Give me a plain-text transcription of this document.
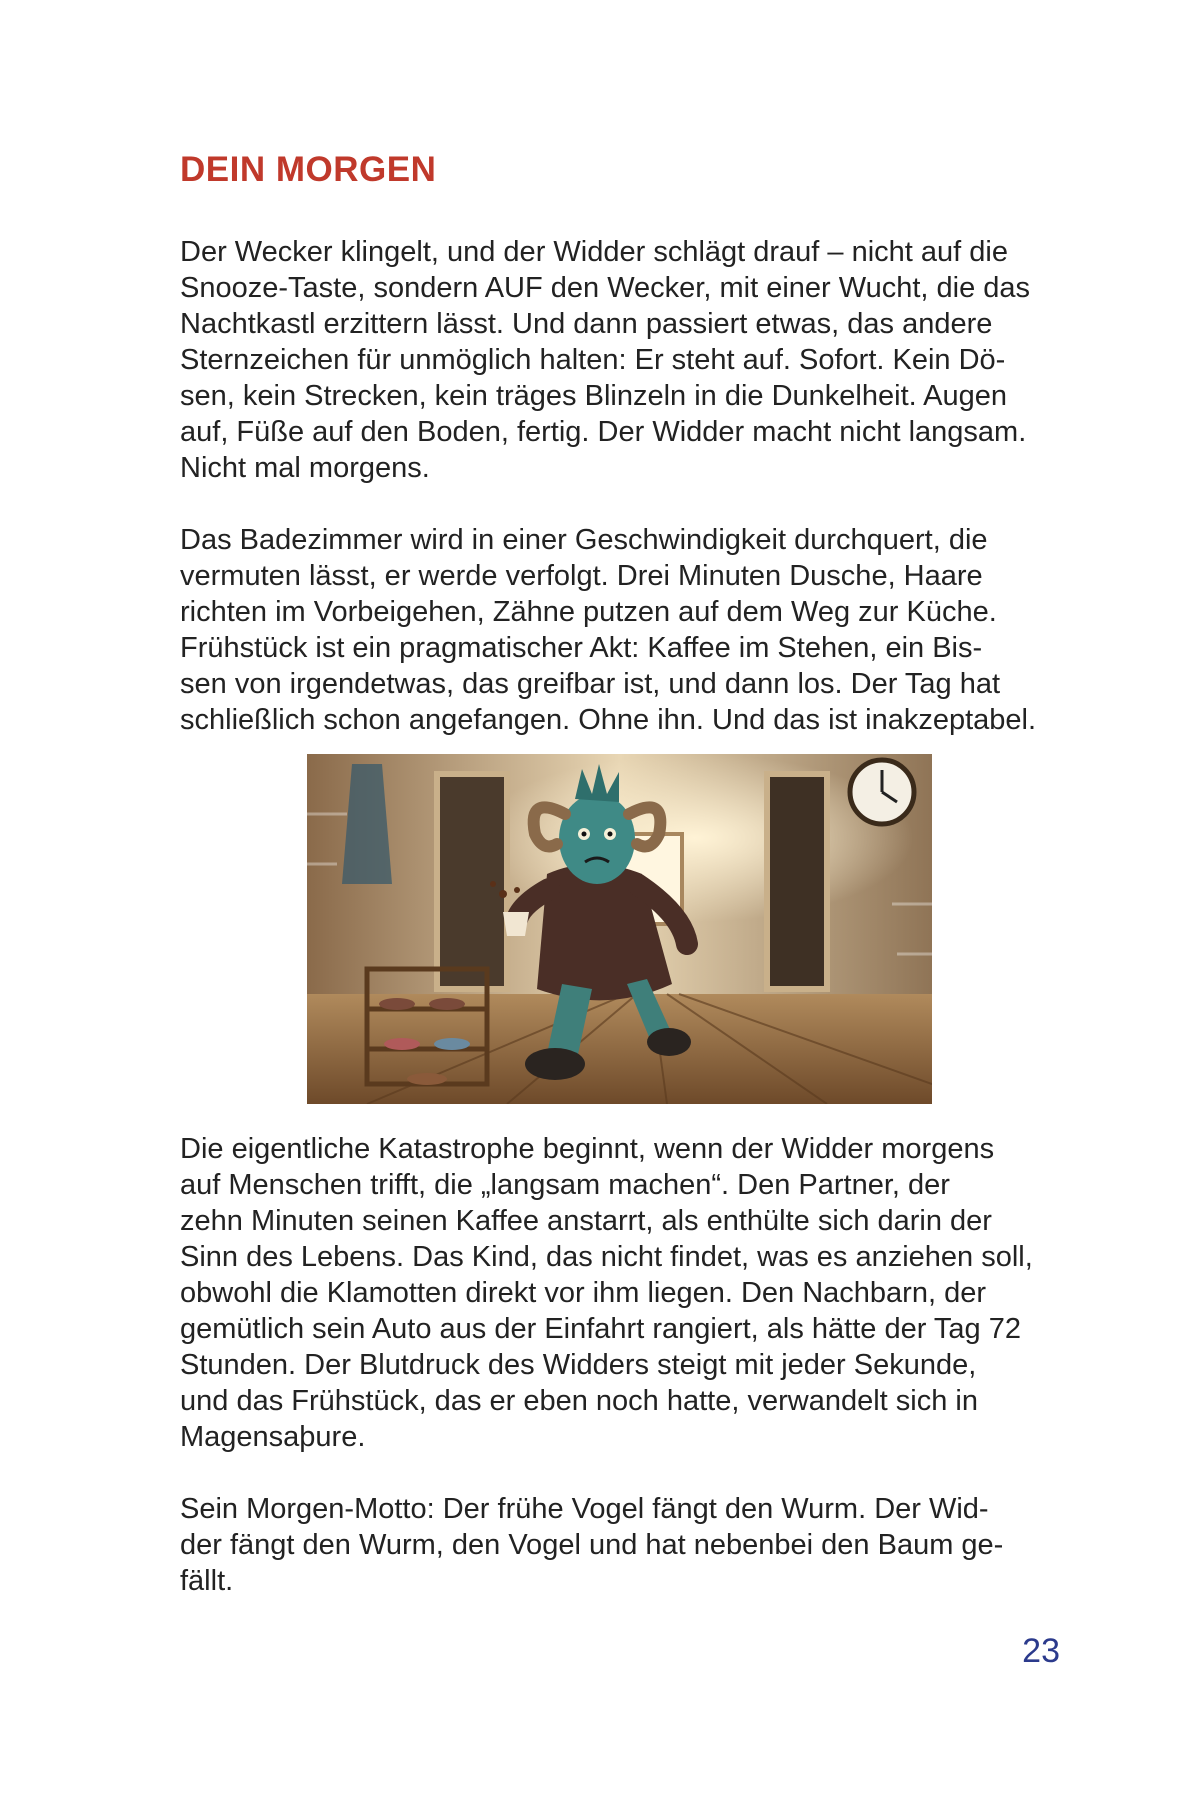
DEIN MORGEN

Der Wecker klingelt, und der Widder schlägt drauf – nicht auf die
Snooze-Taste, sondern AUF den Wecker, mit einer Wucht, die das
Nachtkastl erzittern lässt. Und dann passiert etwas, das andere
Sternzeichen für unmöglich halten: Er steht auf. Sofort. Kein Dö-
sen, kein Strecken, kein träges Blinzeln in die Dunkelheit. Augen
auf, Füße auf den Boden, fertig. Der Widder macht nicht langsam.
Nicht mal morgens.

Das Badezimmer wird in einer Geschwindigkeit durchquert, die
vermuten lässt, er werde verfolgt. Drei Minuten Dusche, Haare
richten im Vorbeigehen, Zähne putzen auf dem Weg zur Küche.
Frühstück ist ein pragmatischer Akt: Kaffee im Stehen, ein Bis-
sen von irgendetwas, das greifbar ist, und dann los. Der Tag hat
schließlich schon angefangen. Ohne ihn. Und das ist inakzeptabel.

Die eigentliche Katastrophe beginnt, wenn der Widder morgens
auf Menschen trifft, die „langsam machen“. Den Partner, der
zehn Minuten seinen Kaffee anstarrt, als enthülte sich darin der
Sinn des Lebens. Das Kind, das nicht findet, was es anziehen soll,
obwohl die Klamotten direkt vor ihm liegen. Den Nachbarn, der
gemütlich sein Auto aus der Einfahrt rangiert, als hätte der Tag 72
Stunden. Der Blutdruck des Widders steigt mit jeder Sekunde,
und das Frühstück, das er eben noch hatte, verwandelt sich in
Magensaþure.

Sein Morgen-Motto: Der frühe Vogel fängt den Wurm. Der Wid-
der fängt den Wurm, den Vogel und hat nebenbei den Baum ge-
fällt.

23
